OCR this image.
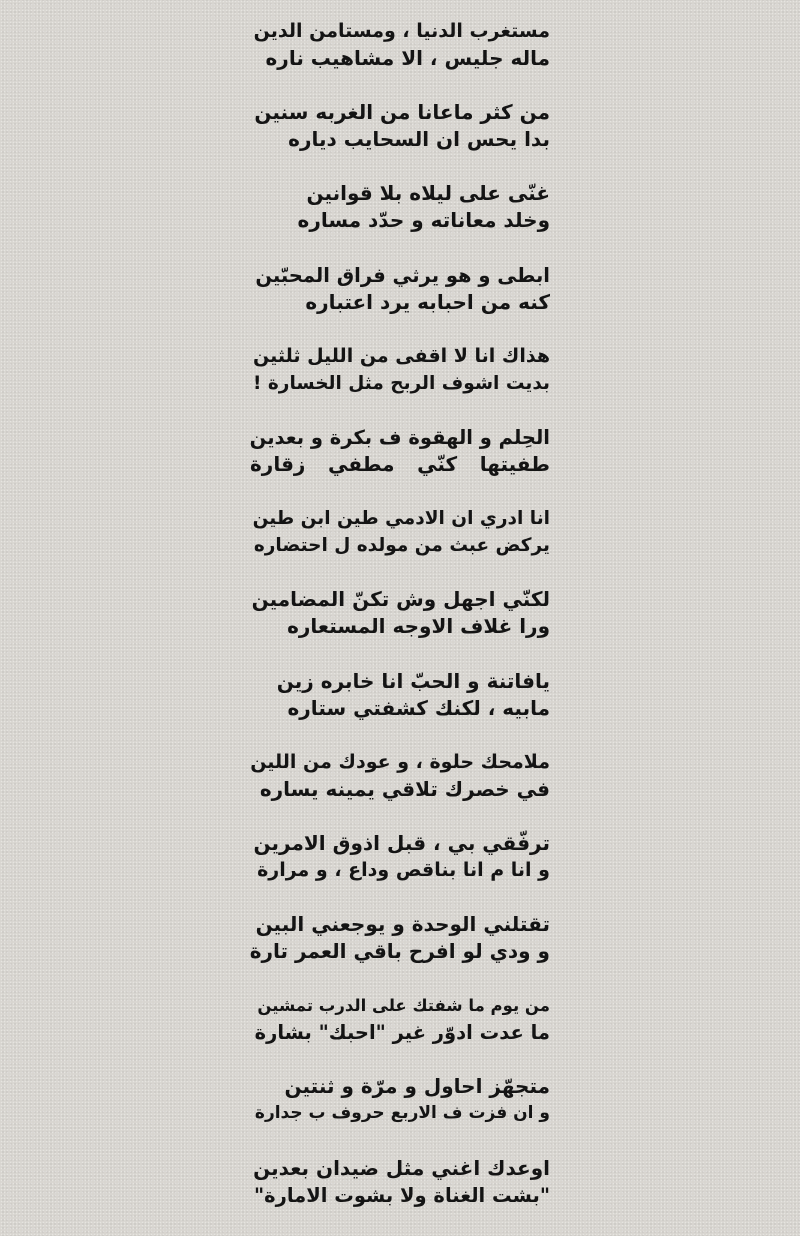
مستغرب الدنيا ، ومستامن الدين
ماله جليس ، الا مشاهيب ناره
من كثر ماعانا من الغربه سنين
بدا يحس ان السحايب دياره
غنّى على ليلاه بلا قوانين
وخلد معاناته و حدّد مساره
ابطى و هو يرثي فراق المحبّين
كنه من احبابه يرد اعتباره
هذاك انا لا اقفى من الليل ثلثين
بديت اشوف الربح مثل الخسارة !
الحِلم و الهقوة ف بكرة و بعدين
طفيتها كنّي مطفي زقارة
انا ادري ان الادمي طين ابن طين
يركض عبث من مولده ل احتضاره
لكنّي اجهل وش تكنّ المضامين
ورا غلاف الاوجه المستعاره
يافاتنة و الحبّ انا خابره زين
مابيه ، لكنك كشفتي ستاره
ملامحك حلوة ، و عودك من اللين
في خصرك تلاقي يمينه يساره
ترفّقي بي ، قبل اذوق الامرين
و انا م انا بناقص وداع ، و مرارة
تقتلني الوحدة و يوجعني البين
و ودي لو افرح باقي العمر تارة
من يوم ما شفتك على الدرب تمشين
ما عدت ادوّر غير "احبك" بشارة
متجهّز احاول و مرّة و ثنتين
و ان فزت ف الاربع حروف ب جدارة
اوعدك اغني مثل ضيدان بعدين
"بشت الغناة ولا بشوت الامارة"
